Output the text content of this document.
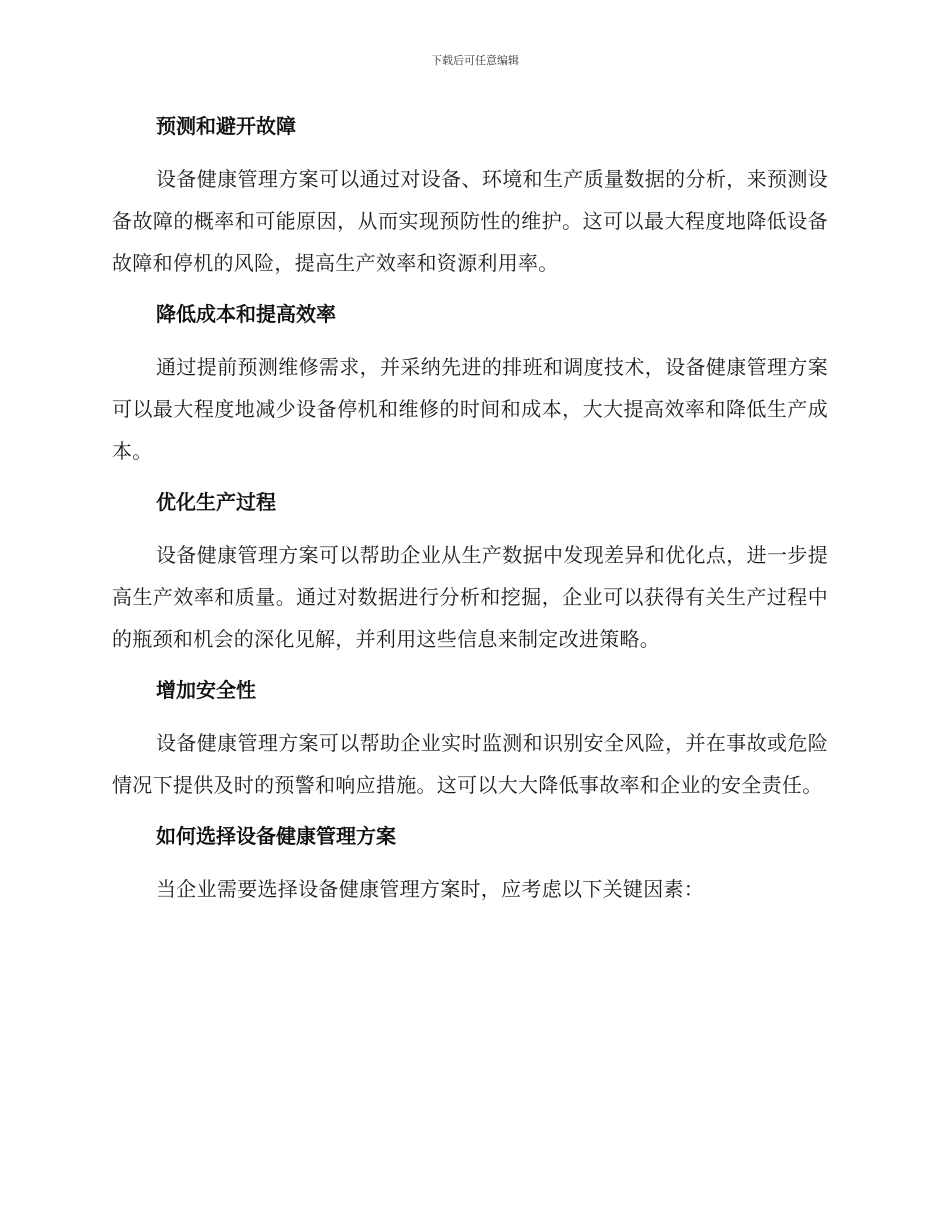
下载后可任意编辑
预测和避开故障

设备健康管理方案可以通过对设备、环境和生产质量数据的分析，来预测设备故障的概率和可能原因，从而实现预防性的维护。这可以最大程度地降低设备故障和停机的风险，提高生产效率和资源利用率。

降低成本和提高效率

通过提前预测维修需求，并采纳先进的排班和调度技术，设备健康管理方案可以最大程度地减少设备停机和维修的时间和成本，大大提高效率和降低生产成本。

优化生产过程

设备健康管理方案可以帮助企业从生产数据中发现差异和优化点，进一步提高生产效率和质量。通过对数据进行分析和挖掘，企业可以获得有关生产过程中的瓶颈和机会的深化见解，并利用这些信息来制定改进策略。

增加安全性

设备健康管理方案可以帮助企业实时监测和识别安全风险，并在事故或危险情况下提供及时的预警和响应措施。这可以大大降低事故率和企业的安全责任。

如何选择设备健康管理方案

当企业需要选择设备健康管理方案时，应考虑以下关键因素：
